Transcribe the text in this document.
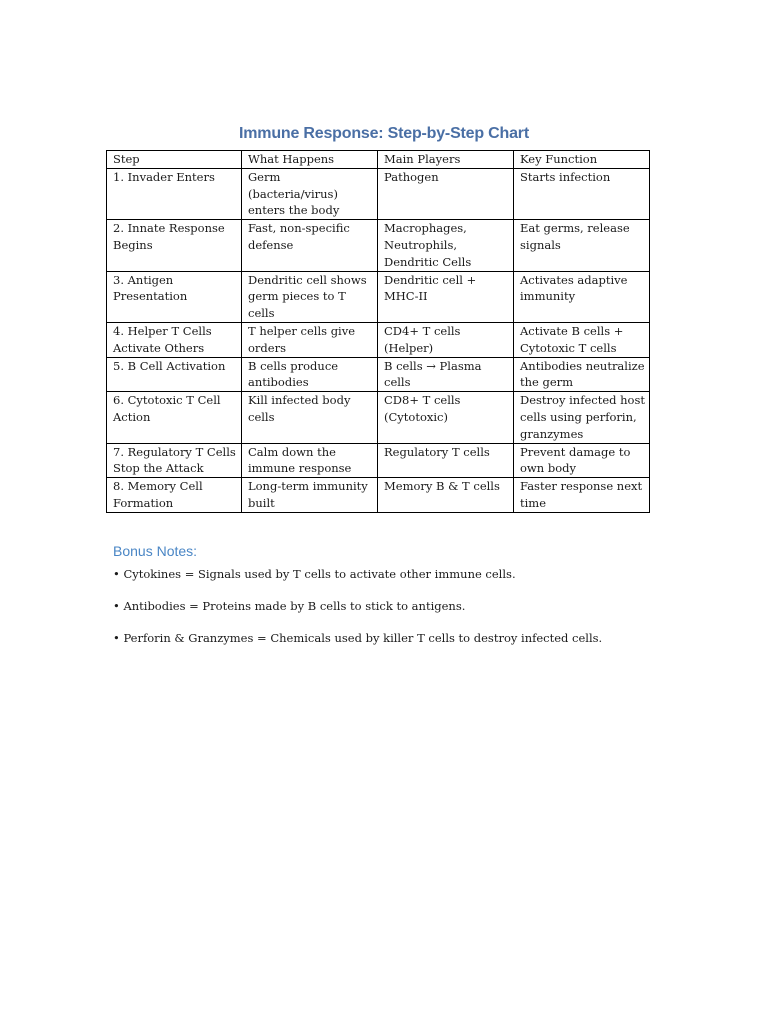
Immune Response: Step-by-Step Chart
Step	What Happens	Main Players	Key Function
1. Invader Enters	Germ (bacteria/virus) enters the body	Pathogen	Starts infection
2. Innate Response Begins	Fast, non-specific defense	Macrophages, Neutrophils, Dendritic Cells	Eat germs, release signals
3. Antigen Presentation	Dendritic cell shows germ pieces to T cells	Dendritic cell + MHC-II	Activates adaptive immunity
4. Helper T Cells Activate Others	T helper cells give orders	CD4+ T cells (Helper)	Activate B cells + Cytotoxic T cells
5. B Cell Activation	B cells produce antibodies	B cells → Plasma cells	Antibodies neutralize the germ
6. Cytotoxic T Cell Action	Kill infected body cells	CD8+ T cells (Cytotoxic)	Destroy infected host cells using perforin, granzymes
7. Regulatory T Cells Stop the Attack	Calm down the immune response	Regulatory T cells	Prevent damage to own body
8. Memory Cell Formation	Long-term immunity built	Memory B & T cells	Faster response next time
Bonus Notes:
• Cytokines = Signals used by T cells to activate other immune cells.
• Antibodies = Proteins made by B cells to stick to antigens.
• Perforin & Granzymes = Chemicals used by killer T cells to destroy infected cells.
